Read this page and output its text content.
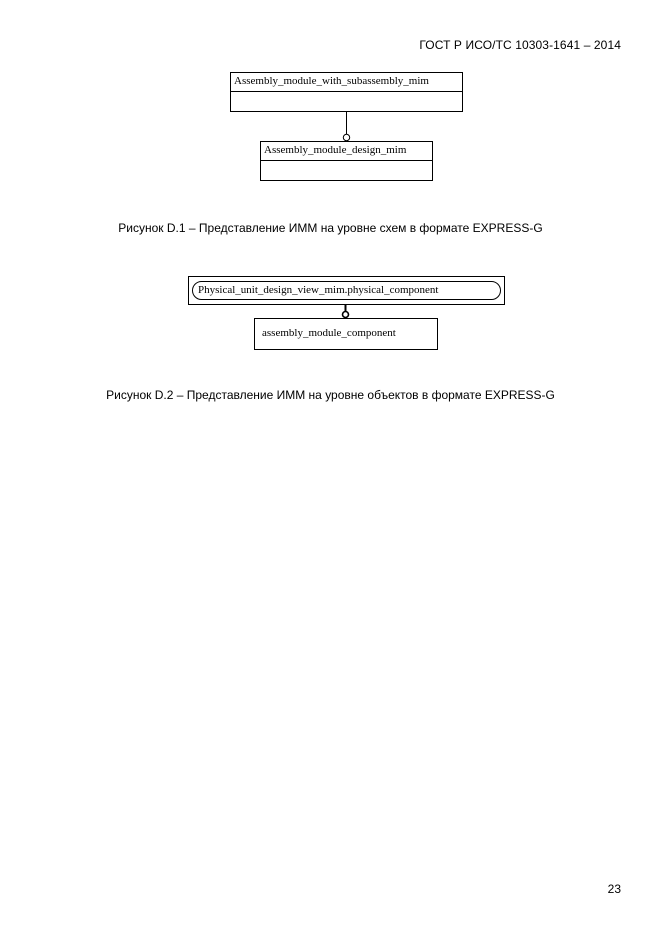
ГОСТ Р ИСО/ТС 10303-1641 – 2014
Assembly_module_with_subassembly_mim
Assembly_module_design_mim
Рисунок D.1 – Представление ИММ на уровне схем в формате EXPRESS-G
Physical_unit_design_view_mim.physical_component
assembly_module_component
Рисунок D.2 – Представление ИММ на уровне объектов в формате EXPRESS-G
23
